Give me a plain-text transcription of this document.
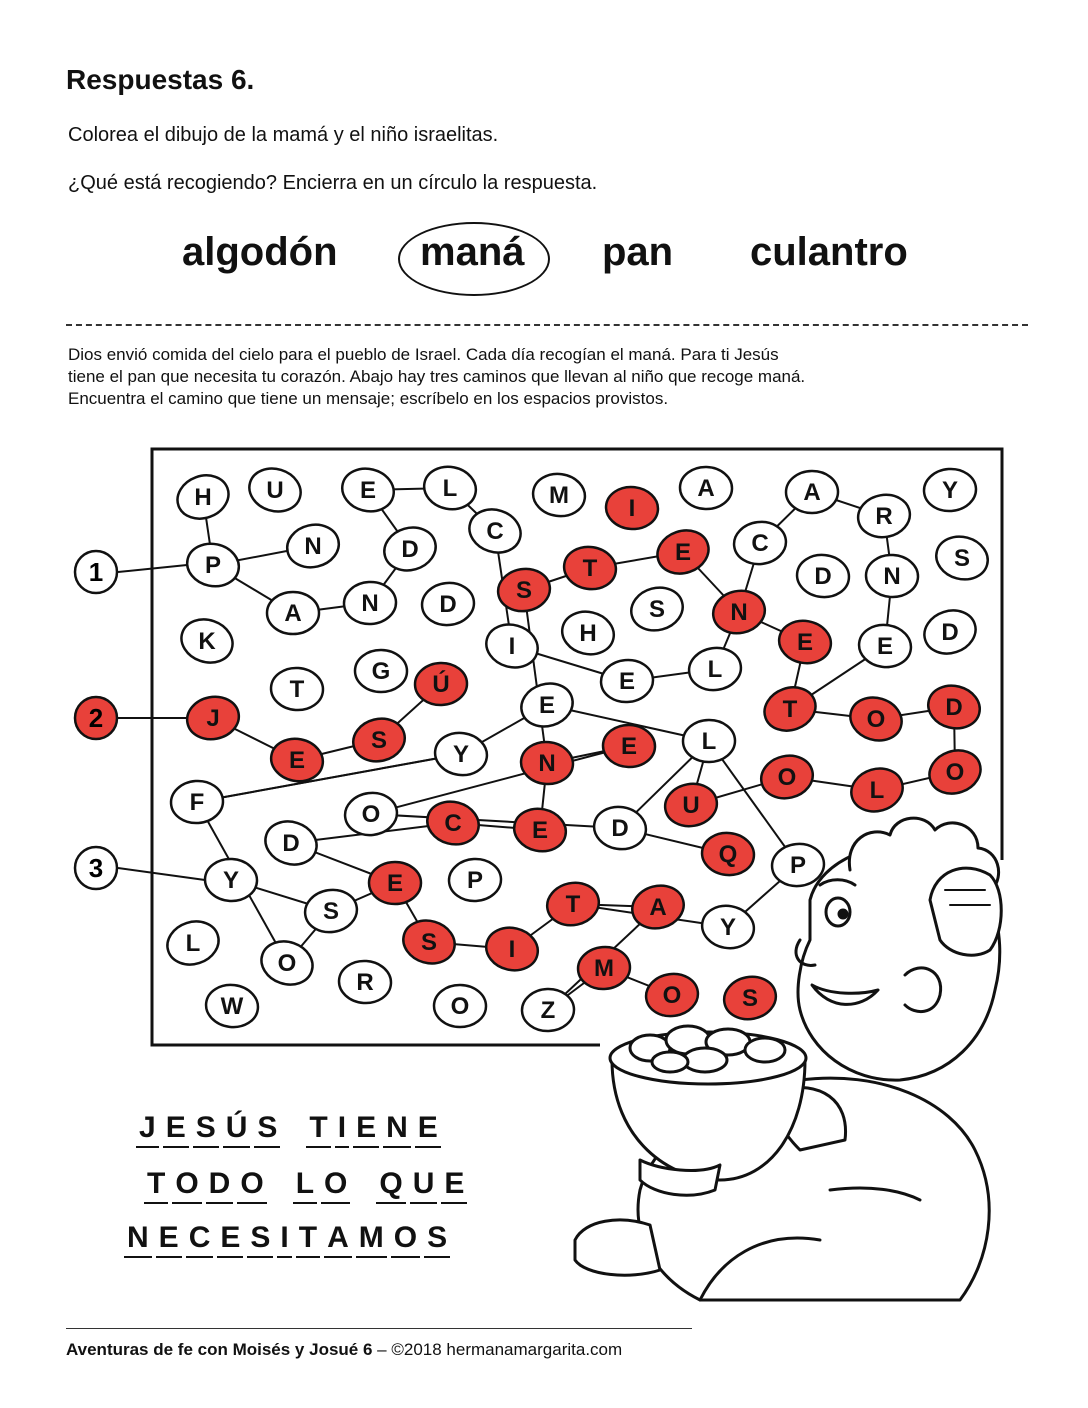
Respuestas 6.
Colorea el dibujo de la mamá y el niño israelitas.
¿Qué está recogiendo? Encierra en un círculo la respuesta.
algodón maná pan culantro
Dios envió comida del cielo para el pueblo de Israel. Cada día recogían el maná. Para ti Jesús
tiene el pan que necesita tu corazón. Abajo hay tres caminos que llevan al niño que recoge maná.
Encuentra el camino que tiene un mensaje; escríbelo en los espacios provistos.
H U	E	L	M I
A	A	Y
C
R
N	D	E
C
S
P	T	D N
A N	D
S
N
S
D
K	I	H	E	E
T
G Ú	E	L
J
S
E	T	O D
E	Y	N
E	L
F	O	U
O	L
O
D
C	E	D
Q
Y	E	P
P
S	T	A
L
O
S	I
Y
W
R
O	Z
M
O	S
1
2
3
J E S Ú S T I E N E
T O D O L O Q U E
N E C E S I T A M O S
Aventuras de fe con Moisés y Josué 6 – ©2018 hermanamargarita.com
